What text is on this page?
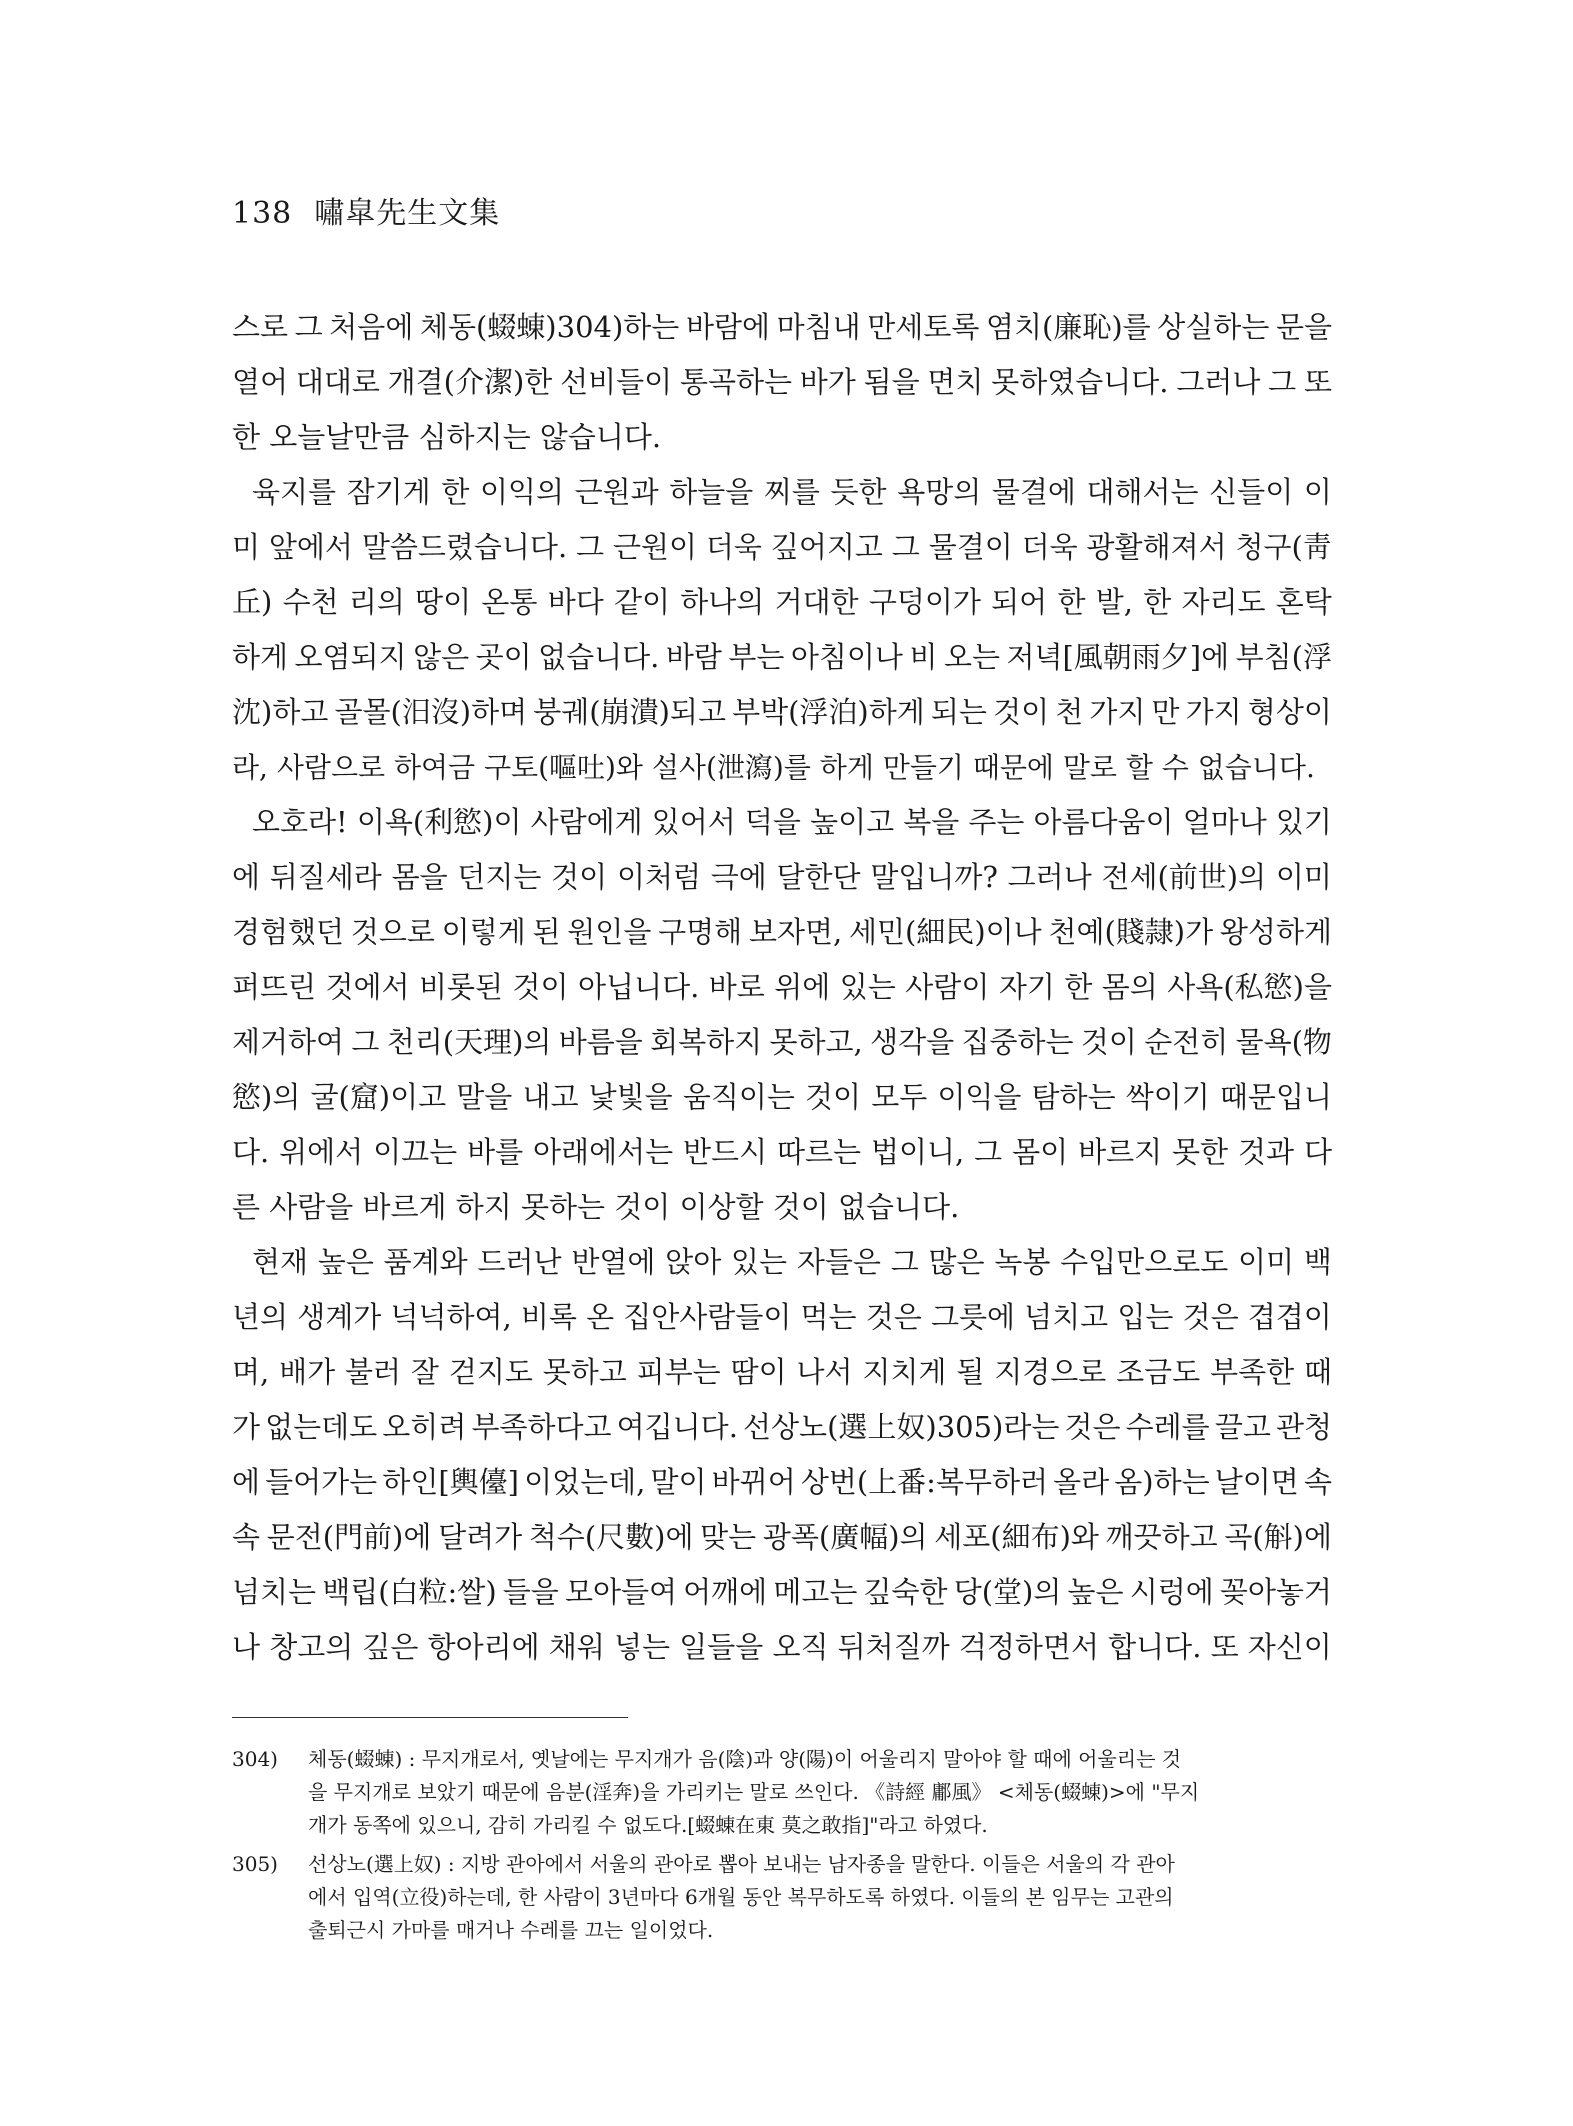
138 嘯皐先生文集
스로 그 처음에 체동(蝃蝀)304)하는 바람에 마침내 만세토록 염치(廉恥)를 상실하는 문을
열어 대대로 개결(介潔)한 선비들이 통곡하는 바가 됨을 면치 못하였습니다. 그러나 그 또
한 오늘날만큼 심하지는 않습니다.
육지를 잠기게 한 이익의 근원과 하늘을 찌를 듯한 욕망의 물결에 대해서는 신들이 이
미 앞에서 말씀드렸습니다. 그 근원이 더욱 깊어지고 그 물결이 더욱 광활해져서 청구(靑
丘) 수천 리의 땅이 온통 바다 같이 하나의 거대한 구덩이가 되어 한 발, 한 자리도 혼탁
하게 오염되지 않은 곳이 없습니다. 바람 부는 아침이나 비 오는 저녁[風朝雨夕]에 부침(浮
沈)하고 골몰(汨沒)하며 붕궤(崩潰)되고 부박(浮泊)하게 되는 것이 천 가지 만 가지 형상이
라, 사람으로 하여금 구토(嘔吐)와 설사(泄瀉)를 하게 만들기 때문에 말로 할 수 없습니다.
오호라! 이욕(利慾)이 사람에게 있어서 덕을 높이고 복을 주는 아름다움이 얼마나 있기
에 뒤질세라 몸을 던지는 것이 이처럼 극에 달한단 말입니까? 그러나 전세(前世)의 이미
경험했던 것으로 이렇게 된 원인을 구명해 보자면, 세민(細民)이나 천예(賤隷)가 왕성하게
퍼뜨린 것에서 비롯된 것이 아닙니다. 바로 위에 있는 사람이 자기 한 몸의 사욕(私慾)을
제거하여 그 천리(天理)의 바름을 회복하지 못하고, 생각을 집중하는 것이 순전히 물욕(物
慾)의 굴(窟)이고 말을 내고 낯빛을 움직이는 것이 모두 이익을 탐하는 싹이기 때문입니
다. 위에서 이끄는 바를 아래에서는 반드시 따르는 법이니, 그 몸이 바르지 못한 것과 다
른 사람을 바르게 하지 못하는 것이 이상할 것이 없습니다.
현재 높은 품계와 드러난 반열에 앉아 있는 자들은 그 많은 녹봉 수입만으로도 이미 백
년의 생계가 넉넉하여, 비록 온 집안사람들이 먹는 것은 그릇에 넘치고 입는 것은 겹겹이
며, 배가 불러 잘 걷지도 못하고 피부는 땀이 나서 지치게 될 지경으로 조금도 부족한 때
가 없는데도 오히려 부족하다고 여깁니다. 선상노(選上奴)305)라는 것은 수레를 끌고 관청
에 들어가는 하인[輿儓] 이었는데, 말이 바뀌어 상번(上番:복무하러 올라 옴)하는 날이면 속
속 문전(門前)에 달려가 척수(尺數)에 맞는 광폭(廣幅)의 세포(細布)와 깨끗하고 곡(斛)에
넘치는 백립(白粒:쌀) 들을 모아들여 어깨에 메고는 깊숙한 당(堂)의 높은 시렁에 꽂아놓거
나 창고의 깊은 항아리에 채워 넣는 일들을 오직 뒤처질까 걱정하면서 합니다. 또 자신이
304) 체동(蝃蝀) : 무지개로서, 옛날에는 무지개가 음(陰)과 양(陽)이 어울리지 말아야 할 때에 어울리는 것
을 무지개로 보았기 때문에 음분(淫奔)을 가리키는 말로 쓰인다. 《詩經 鄘風》 <체동(蝃蝀)>에 "무지
개가 동쪽에 있으니, 감히 가리킬 수 없도다.[蝃蝀在東 莫之敢指]"라고 하였다.
305) 선상노(選上奴) : 지방 관아에서 서울의 관아로 뽑아 보내는 남자종을 말한다. 이들은 서울의 각 관아
에서 입역(立役)하는데, 한 사람이 3년마다 6개월 동안 복무하도록 하였다. 이들의 본 임무는 고관의
출퇴근시 가마를 매거나 수레를 끄는 일이었다.
